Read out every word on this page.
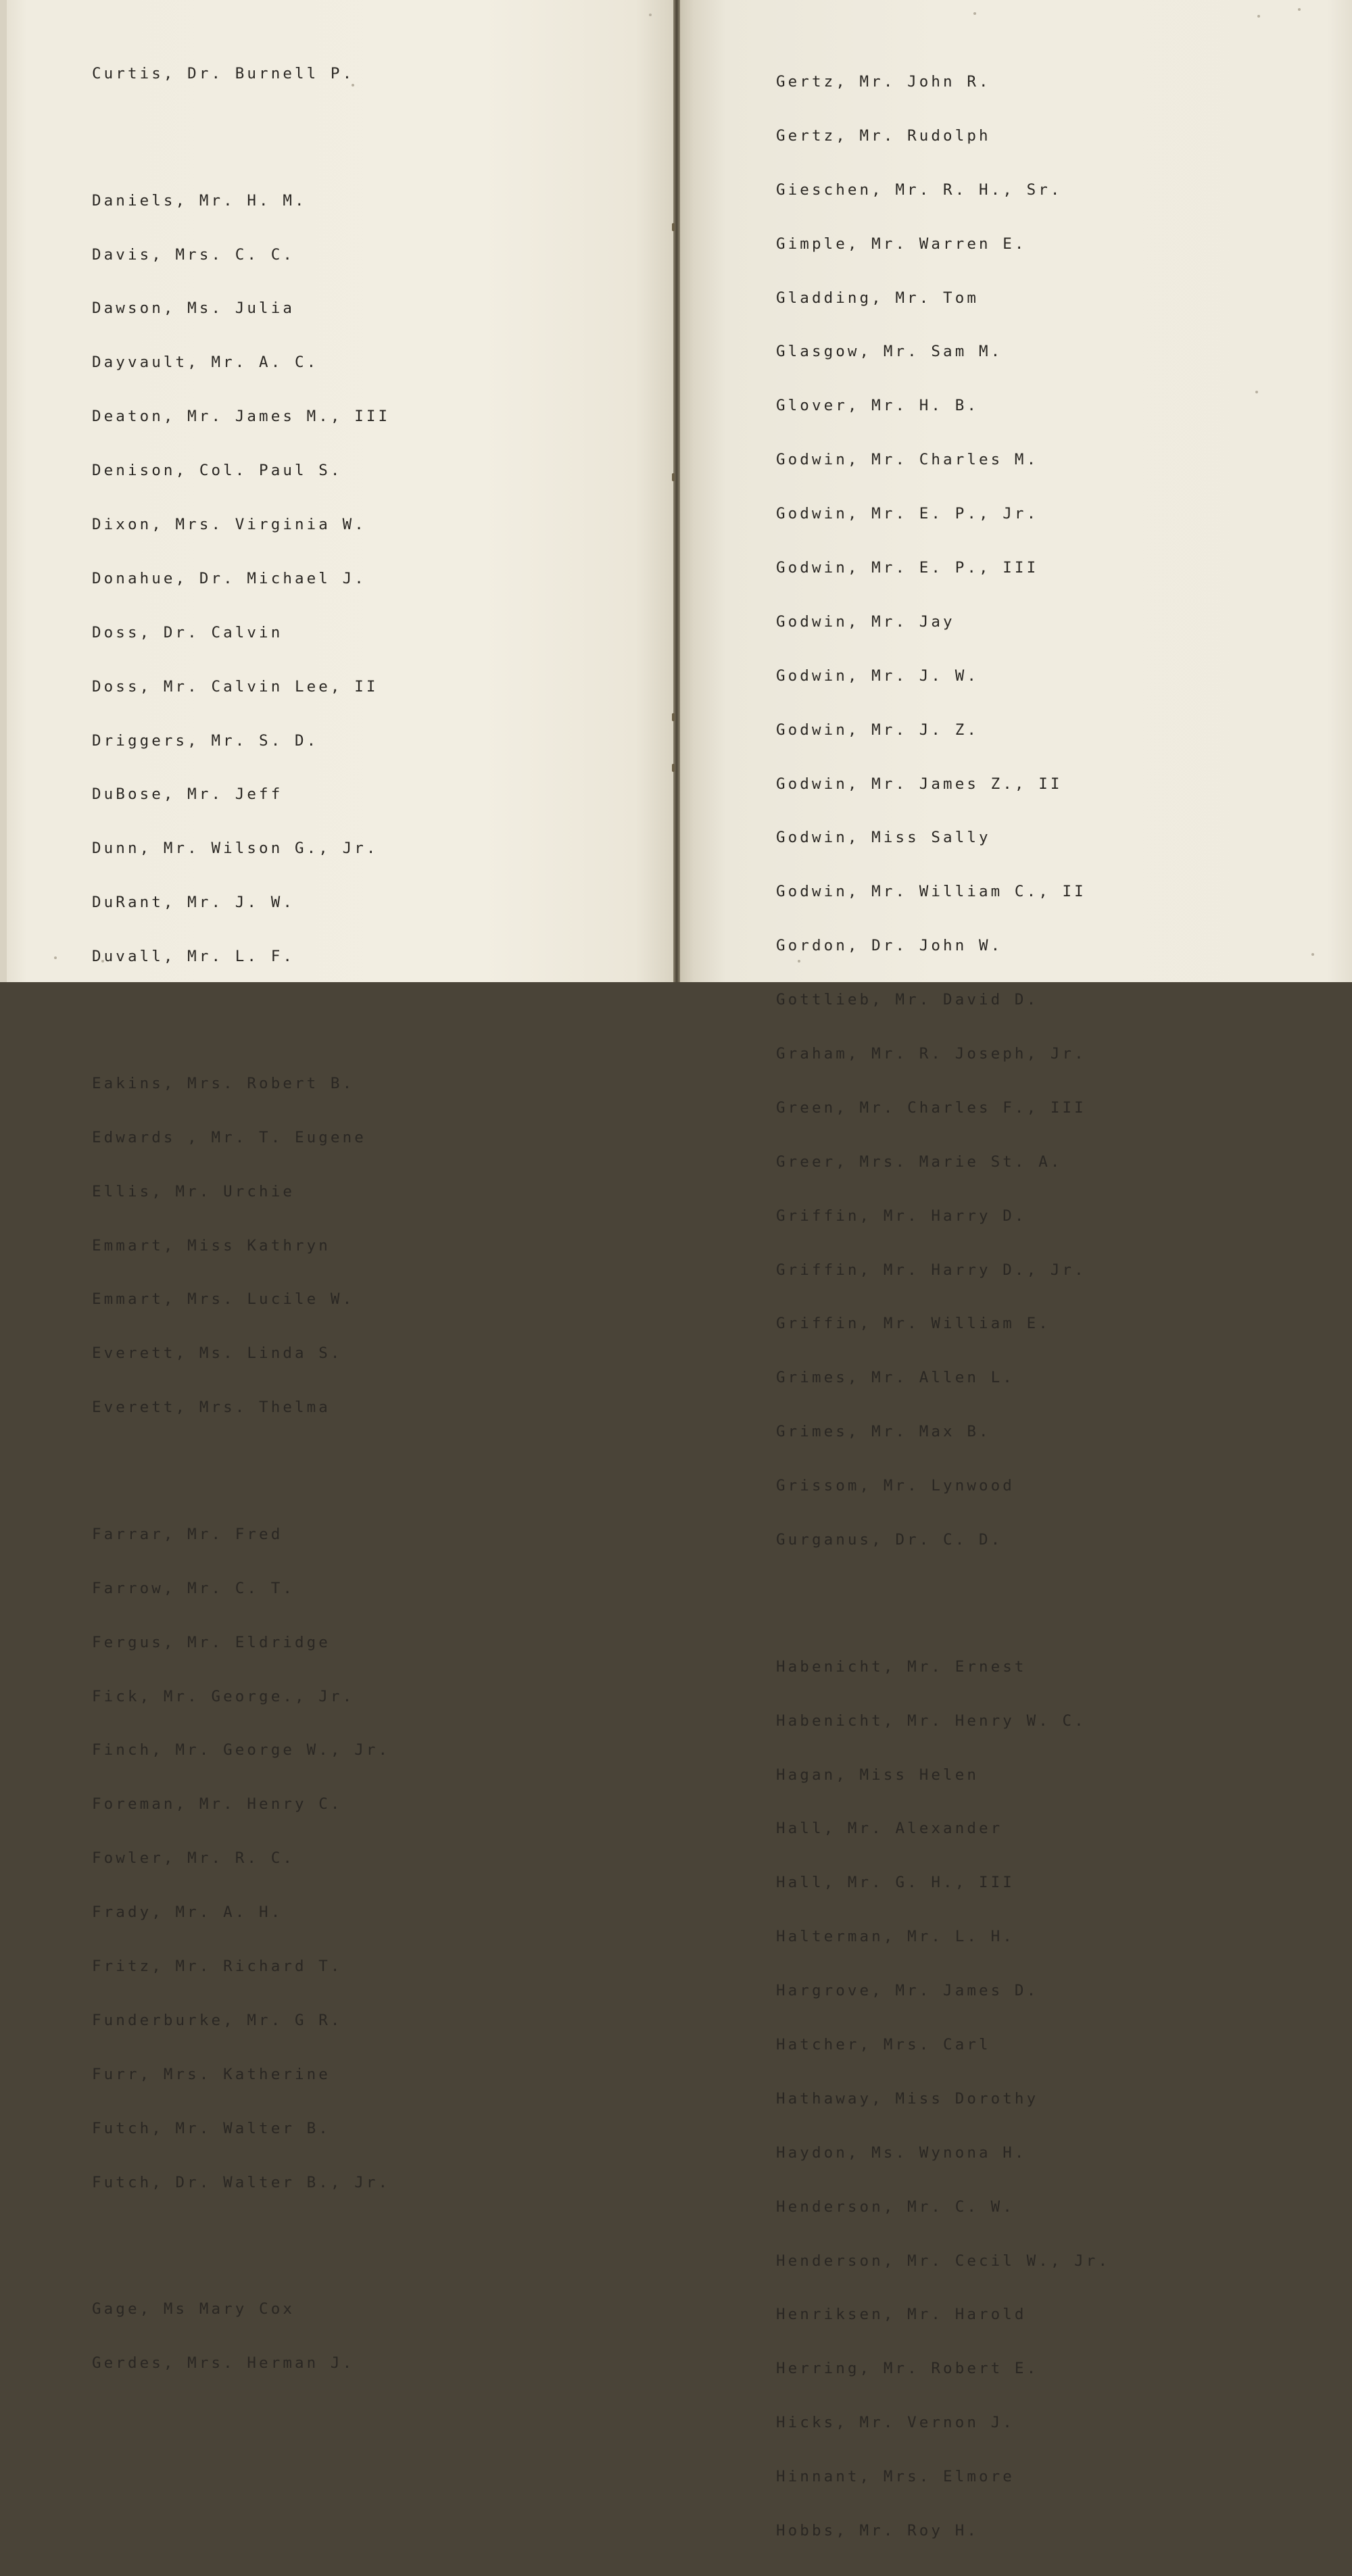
Curtis, Dr. Burnell P.

Daniels, Mr. H. M.

Davis, Mrs. C. C.

Dawson, Ms. Julia

Dayvault, Mr. A. C.

Deaton, Mr. James M., III

Denison, Col. Paul S.

Dixon, Mrs. Virginia W.

Donahue, Dr. Michael J.

Doss, Dr. Calvin

Doss, Mr. Calvin Lee, II

Driggers, Mr. S. D.

DuBose, Mr. Jeff

Dunn, Mr. Wilson G., Jr.

DuRant, Mr. J. W.

Duvall, Mr. L. F.

Eakins, Mrs. Robert B.

Edwards , Mr. T. Eugene

Ellis, Mr. Urchie

Emmart, Miss Kathryn

Emmart, Mrs. Lucile W.

Everett, Ms. Linda S.

Everett, Mrs. Thelma

Farrar, Mr. Fred

Farrow, Mr. C. T.

Fergus, Mr. Eldridge

Fick, Mr. George., Jr.

Finch, Mr. George W., Jr.

Foreman, Mr. Henry C.

Fowler, Mr. R. C.

Frady, Mr. A. H.

Fritz, Mr. Richard T.

Funderburke, Mr. G R.

Furr, Mrs. Katherine

Futch, Mr. Walter B.

Futch, Dr. Walter B., Jr.

Gage, Ms Mary Cox

Gerdes, Mrs. Herman J.

Gertz, Mr. John R.

Gertz, Mr. Rudolph

Gieschen, Mr. R. H., Sr.

Gimple, Mr. Warren E.

Gladding, Mr. Tom

Glasgow, Mr. Sam M.

Glover, Mr. H. B.

Godwin, Mr. Charles M.

Godwin, Mr. E. P., Jr.

Godwin, Mr. E. P., III

Godwin, Mr. Jay

Godwin, Mr. J. W.

Godwin, Mr. J. Z.

Godwin, Mr. James Z., II

Godwin, Miss Sally

Godwin, Mr. William C., II

Gordon, Dr. John W.

Gottlieb, Mr. David D.

Graham, Mr. R. Joseph, Jr.

Green, Mr. Charles F., III

Greer, Mrs. Marie St. A.

Griffin, Mr. Harry D.

Griffin, Mr. Harry D., Jr.

Griffin, Mr. William E.

Grimes, Mr. Allen L.

Grimes, Mr. Max B.

Grissom, Mr. Lynwood

Gurganus, Dr. C. D.

Habenicht, Mr. Ernest

Habenicht, Mr. Henry W. C.

Hagan, Miss Helen

Hall, Mr. Alexander

Hall, Mr. G. H., III

Halterman, Mr. L. H.

Hargrove, Mr. James D.

Hatcher, Mrs. Carl

Hathaway, Miss Dorothy

Haydon, Ms. Wynona H.

Henderson, Mr. C. W.

Henderson, Mr. Cecil W., Jr.

Henriksen, Mr. Harold

Herring, Mr. Robert E.

Hicks, Mr. Vernon J.

Hinnant, Mrs. Elmore

Hobbs, Mr. Roy H.
